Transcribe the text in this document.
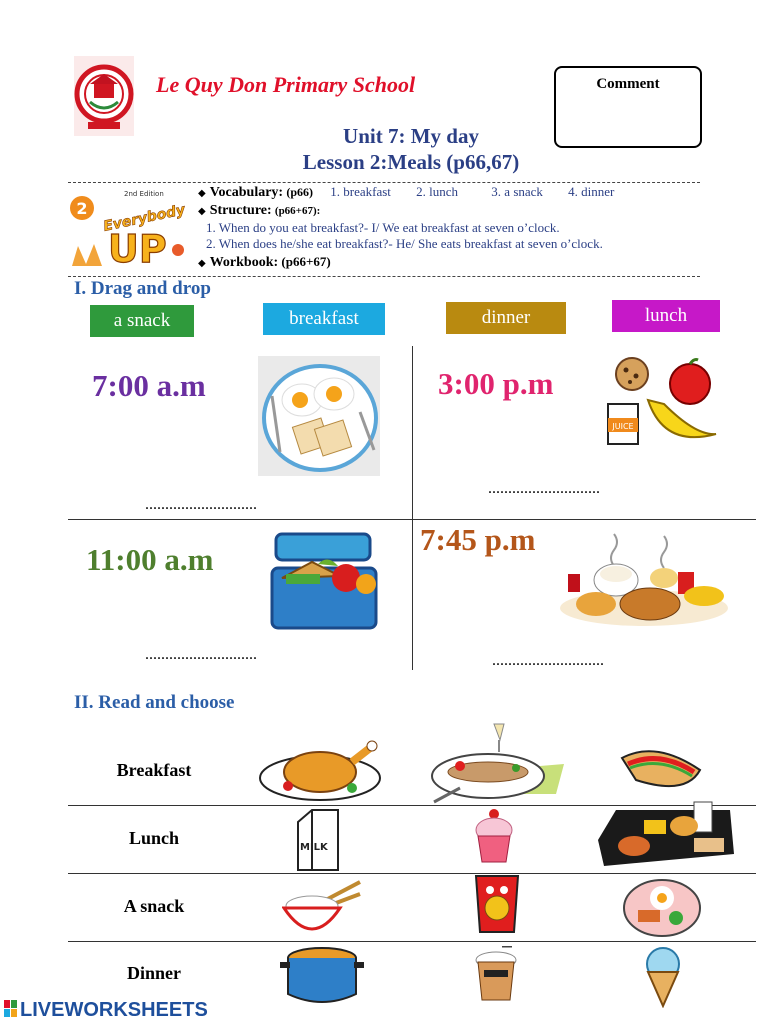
Le Quy Don Primary School	Comment
Unit 7: My day
Lesson 2:Meals (p66,67)
2
2nd Edition
Everybody
UP
◆ Vocabulary: (p66) 1. breakfast 2. lunch	3. a snack 4. dinner
◆ Structure: (p66+67):
1. When do you eat breakfast?- I/ We eat breakfast at seven o’clock.
2. When does he/she eat breakfast?- He/ She eats breakfast at seven o’clock.
◆ Workbook: (p66+67)
I. Drag and drop
a snack	breakfast	dinner	lunch
7:00 a.m
............................
3:00 p.m
JUICE
............................
11:00 a.m
............................
7:45 p.m
............................
II. Read and choose
Breakfast
Lunch
A snack
Dinner
MILK
LIVEWORKSHEETS
